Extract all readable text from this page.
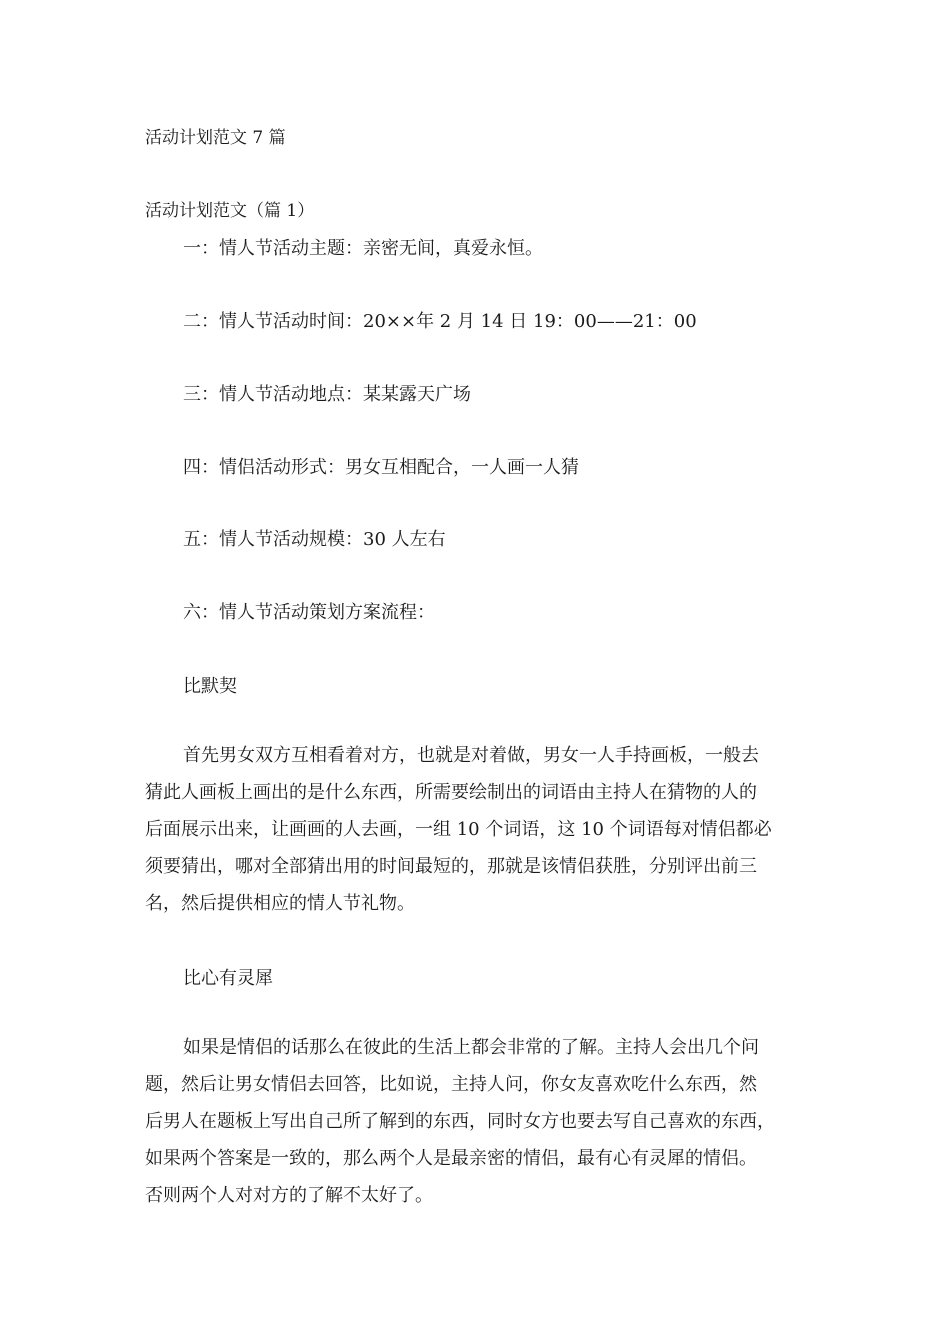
活动计划范文 7 篇
活动计划范文（篇 1）
一：情人节活动主题：亲密无间，真爱永恒。
二：情人节活动时间：20××年 2 月 14 日 19：00——21：00
三：情人节活动地点：某某露天广场
四：情侣活动形式：男女互相配合，一人画一人猜
五：情人节活动规模：30 人左右
六：情人节活动策划方案流程：
比默契
首先男女双方互相看着对方，也就是对着做，男女一人手持画板，一般去
猜此人画板上画出的是什么东西，所需要绘制出的词语由主持人在猜物的人的
后面展示出来，让画画的人去画，一组 10 个词语，这 10 个词语每对情侣都必
须要猜出，哪对全部猜出用的时间最短的，那就是该情侣获胜，分别评出前三
名，然后提供相应的情人节礼物。
比心有灵犀
如果是情侣的话那么在彼此的生活上都会非常的了解。主持人会出几个问
题，然后让男女情侣去回答，比如说，主持人问，你女友喜欢吃什么东西，然
后男人在题板上写出自己所了解到的东西，同时女方也要去写自己喜欢的东西，
如果两个答案是一致的，那么两个人是最亲密的情侣，最有心有灵犀的情侣。
否则两个人对对方的了解不太好了。
